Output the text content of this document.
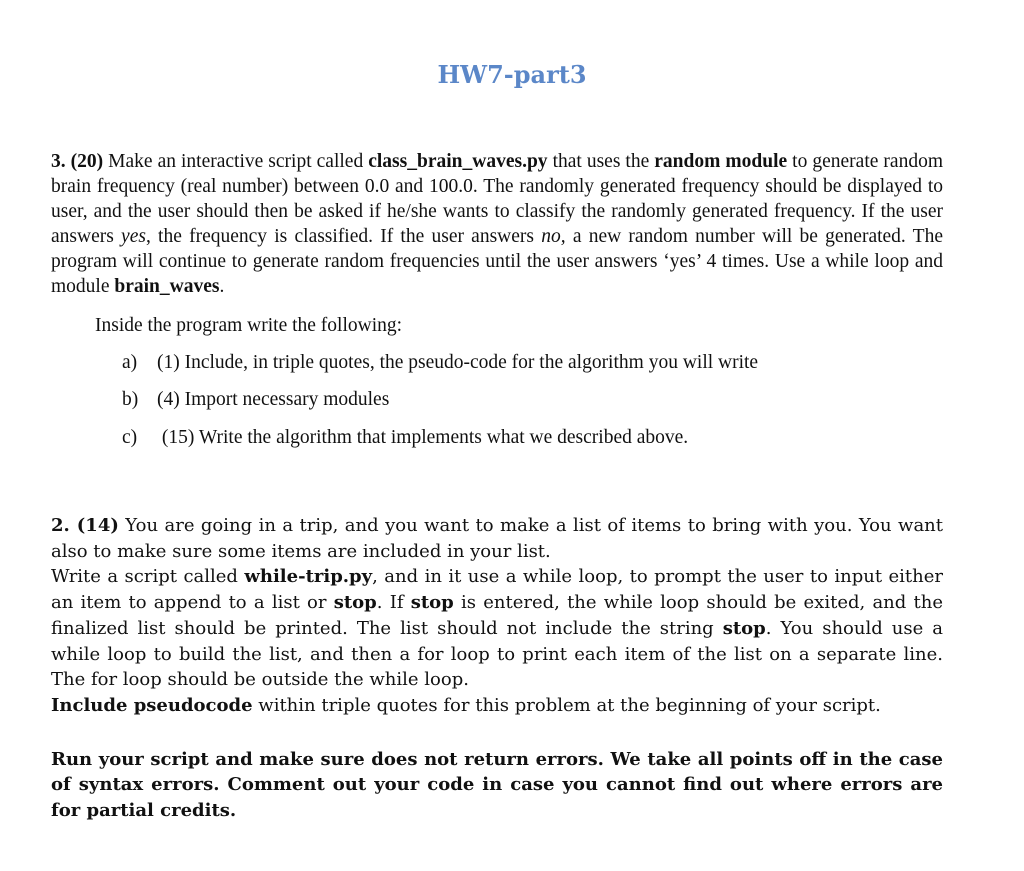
HW7-part3
3. (20) Make an interactive script called class_brain_waves.py that uses the random module to generate random brain frequency (real number) between 0.0 and 100.0. The randomly generated frequency should be displayed to user, and the user should then be asked if he/she wants to classify the randomly generated frequency. If the user answers yes, the frequency is classified. If the user answers no, a new random number will be generated. The program will continue to generate random frequencies until the user answers ‘yes’ 4 times. Use a while loop and module brain_waves.
Inside the program write the following:
a) (1) Include, in triple quotes, the pseudo-code for the algorithm you will write
b) (4) Import necessary modules
c) (15) Write the algorithm that implements what we described above.

2. (14) You are going in a trip, and you want to make a list of items to bring with you. You want also to make sure some items are included in your list.

Write a script called while-trip.py, and in it use a while loop, to prompt the user to input either an item to append to a list or stop. If stop is entered, the while loop should be exited, and the finalized list should be printed. The list should not include the string stop. You should use a while loop to build the list, and then a for loop to print each item of the list on a separate line. The for loop should be outside the while loop.

Include pseudocode within triple quotes for this problem at the beginning of your script.

Run your script and make sure does not return errors. We take all points off in the case of syntax errors. Comment out your code in case you cannot find out where errors are for partial credits.
